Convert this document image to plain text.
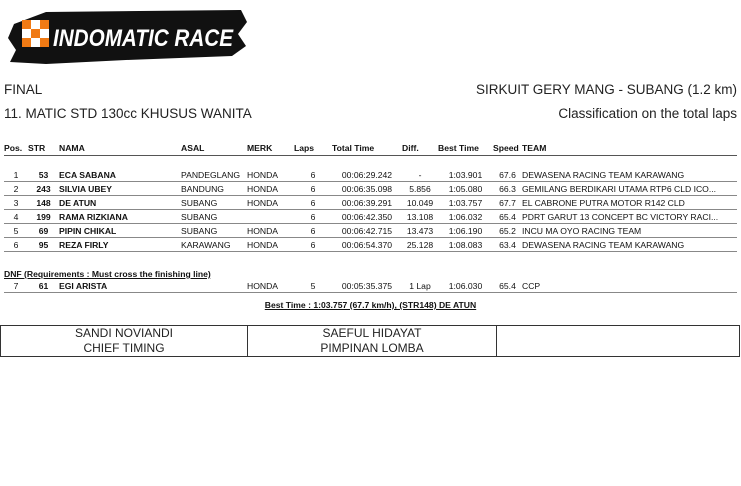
INDOMATIC RACE
FINAL	SIRKUIT GERY MANG - SUBANG (1.2 km)
11. MATIC STD 130cc KHUSUS WANITA	Classification on the total laps
Pos.	STR	NAMA	ASAL	MERK	Laps	Total Time	Diff.	Best Time	Speed	TEAM

1	53	ECA SABANA	PANDEGLANG	HONDA	6	00:06:29.242	-	1:03.901	67.6	DEWASENA RACING TEAM KARAWANG
2	243	SILVIA UBEY	BANDUNG	HONDA	6	00:06:35.098	5.856	1:05.080	66.3	GEMILANG BERDIKARI UTAMA RTP6 CLD ICO...
3	148	DE ATUN	SUBANG	HONDA	6	00:06:39.291	10.049	1:03.757	67.7	EL CABRONE PUTRA MOTOR R142 CLD
4	199	RAMA RIZKIANA	SUBANG		6	00:06:42.350	13.108	1:06.032	65.4	PDRT GARUT 13 CONCEPT BC VICTORY RACI...
5	69	PIPIN CHIKAL	SUBANG	HONDA	6	00:06:42.715	13.473	1:06.190	65.2	INCU MA OYO RACING TEAM
6	95	REZA FIRLY	KARAWANG	HONDA	6	00:06:54.370	25.128	1:08.083	63.4	DEWASENA RACING TEAM KARAWANG

DNF (Requirements : Must cross the finishing line)										
7	61	EGI ARISTA		HONDA	5	00:05:35.375	1 Lap	1:06.030	65.4	CCP
Best Time : 1:03.757 (67.7 km/h), (STR148) DE ATUN
SANDI NOVIANDI
CHIEF TIMING
SAEFUL HIDAYAT
PIMPINAN LOMBA
